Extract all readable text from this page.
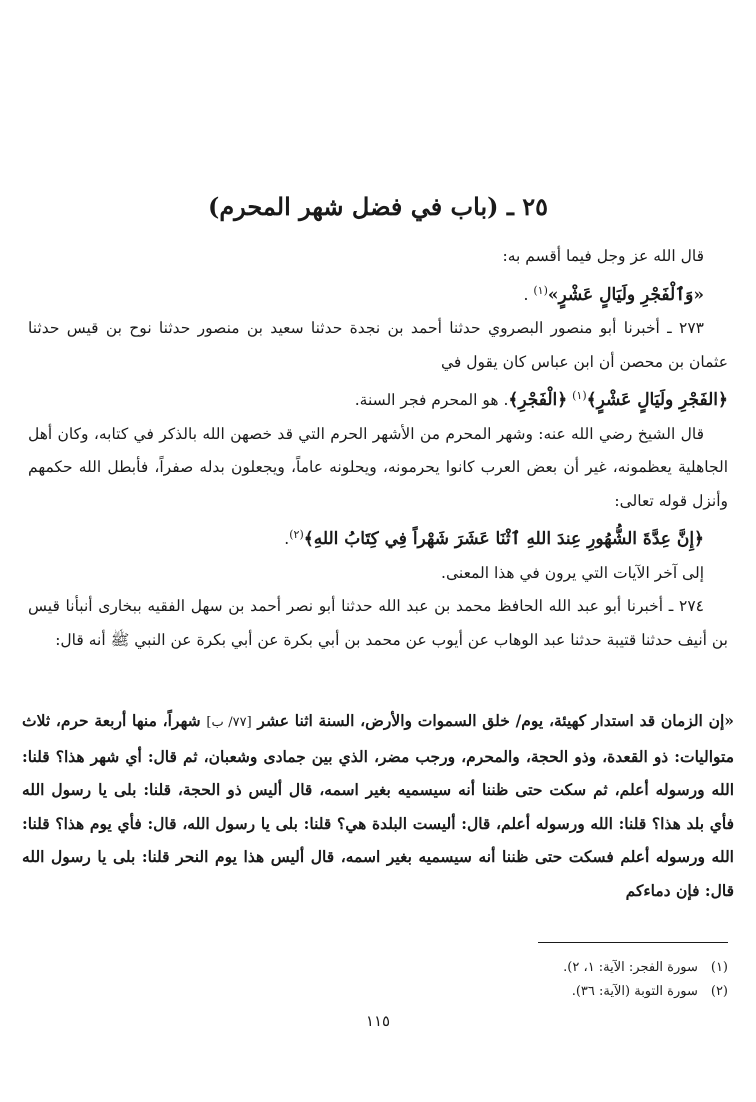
٢٥ ـ (باب في فضل شهر المحرم)

قال الله عز وجل فيما أقسم به:

«وَٱلْفَجْرِ ولَيَالٍ عَشْرٍ»$^{(١)}$ .

٢٧٣ ـ أخبرنا أبو منصور البصروي حدثنا أحمد بن نجدة حدثنا سعيد بن منصور حدثنا نوح بن قيس حدثنا عثمان بن محصن أن ابن عباس كان يقول في

﴿الفَجْرِ ولَيَالٍ عَشْرٍ﴾$^{(١)}$ ﴿الْفَجْرِ﴾. هو المحرم فجر السنة.

قال الشيخ رضي الله عنه: وشهر المحرم من الأشهر الحرم التي قد خصهن الله بالذكر في كتابه، وكان أهل الجاهلية يعظمونه، غير أن بعض العرب كانوا يحرمونه، ويحلونه عاماً، ويجعلون بدله صفراً، فأبطل الله حكمهم وأنزل قوله تعالى:

﴿إِنَّ عِدَّةَ الشُّهُورِ عِندَ اللهِ ٱثْنَا عَشَرَ شَهْراً فِي كِتَابُ اللهِ﴾$^{(٢)}$.

إلى آخر الآيات التي يرون في هذا المعنى.

٢٧٤ ـ أخبرنا أبو عبد الله الحافظ محمد بن عبد الله حدثنا أبو نصر أحمد بن سهل الفقيه ببخارى أنبأنا قيس بن أنيف حدثنا قتيبة حدثنا عبد الوهاب عن أيوب عن محمد بن أبي بكرة عن أبي بكرة عن النبي ﷺ أنه قال:

«إن الزمان قد استدار كهيئة، يوم/ خلق السموات والأرض، السنة اثنا عشر [٧٧/ ب] شهراً، منها أربعة حرم، ثلاث متواليات: ذو القعدة، وذو الحجة، والمحرم، ورجب مضر، الذي بين جمادى وشعبان، ثم قال: أي شهر هذا؟ قلنا: الله ورسوله أعلم، ثم سكت حتى ظننا أنه سيسميه بغير اسمه، قال أليس ذو الحجة، قلنا: بلى يا رسول الله فأي بلد هذا؟ قلنا: الله ورسوله أعلم، قال: أليست البلدة هي؟ قلنا: بلى يا رسول الله، قال: فأي يوم هذا؟ قلنا: الله ورسوله أعلم فسكت حتى ظننا أنه سيسميه بغير اسمه، قال أليس هذا يوم النحر قلنا: بلى يا رسول الله قال: فإن دماءكم

(١) سورة الفجر: الآية: ١، ٢).
(٢) سورة التوبة (الآية: ٣٦).
١١٥
